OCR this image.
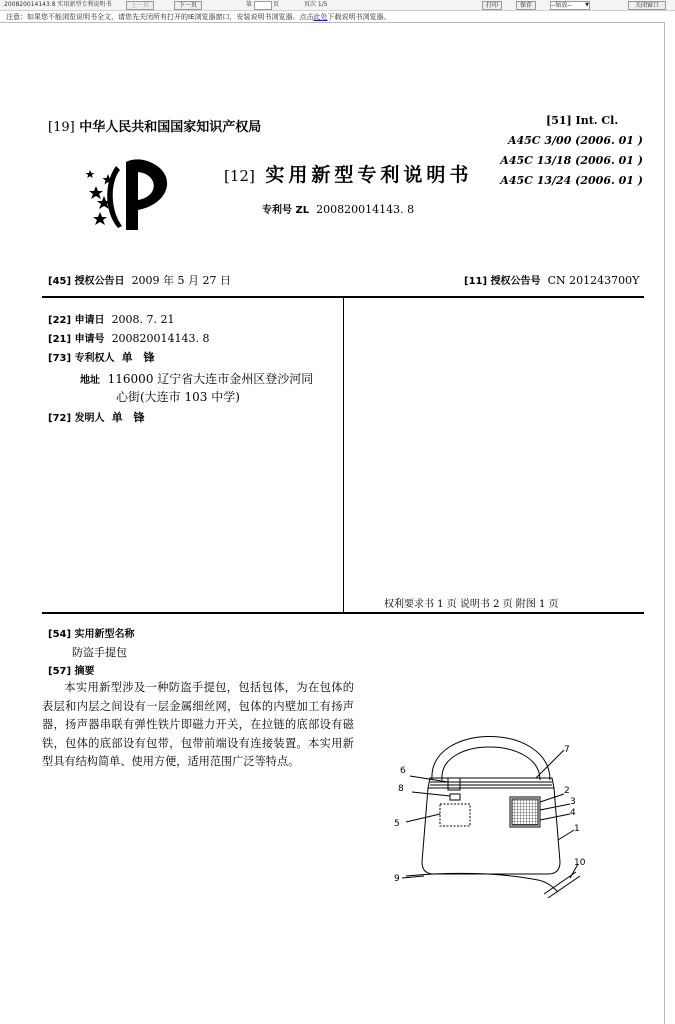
200820014143.8 实用新型专利说明书	上一页	下一页	第	页	页次 1/5	打印	保存	--缩放--	▼	关闭窗口
注意：如果您不能浏览说明书全文，请您先关闭所有打开的IE浏览器窗口，安装说明书浏览器。点击此处下载说明书浏览器。
[19] 中华人民共和国国家知识产权局	[51] Int. Cl.
A45C 3/00 (2006. 01 )
A45C 13/18 (2006. 01 )
A45C 13/24 (2006. 01 )
[12] 实用新型专利说明书
专利号 ZL 200820014143. 8
[45] 授权公告日 2009 年 5 月 27 日	[11] 授权公告号 CN 201243700Y
[22] 申请日 2008. 7. 21
[21] 申请号 200820014143. 8
[73] 专利权人 单　锋
地址 116000 辽宁省大连市金州区登沙河同
心街(大连市 103 中学)
[72] 发明人 单　锋
权利要求书 1 页 说明书 2 页 附图 1 页
[54] 实用新型名称
防盗手提包
[57] 摘要
本实用新型涉及一种防盗手提包，包括包体，为在包体的表层和内层之间设有一层金属细丝网，包体的内壁加工有扬声器，扬声器串联有弹性铁片即磁力开关，在拉链的底部设有磁铁，包体的底部设有包带，包带前端设有连接装置。本实用新型具有结构简单、使用方便，适用范围广泛等特点。
1
2
3
4
5
6
7
8
9
10
